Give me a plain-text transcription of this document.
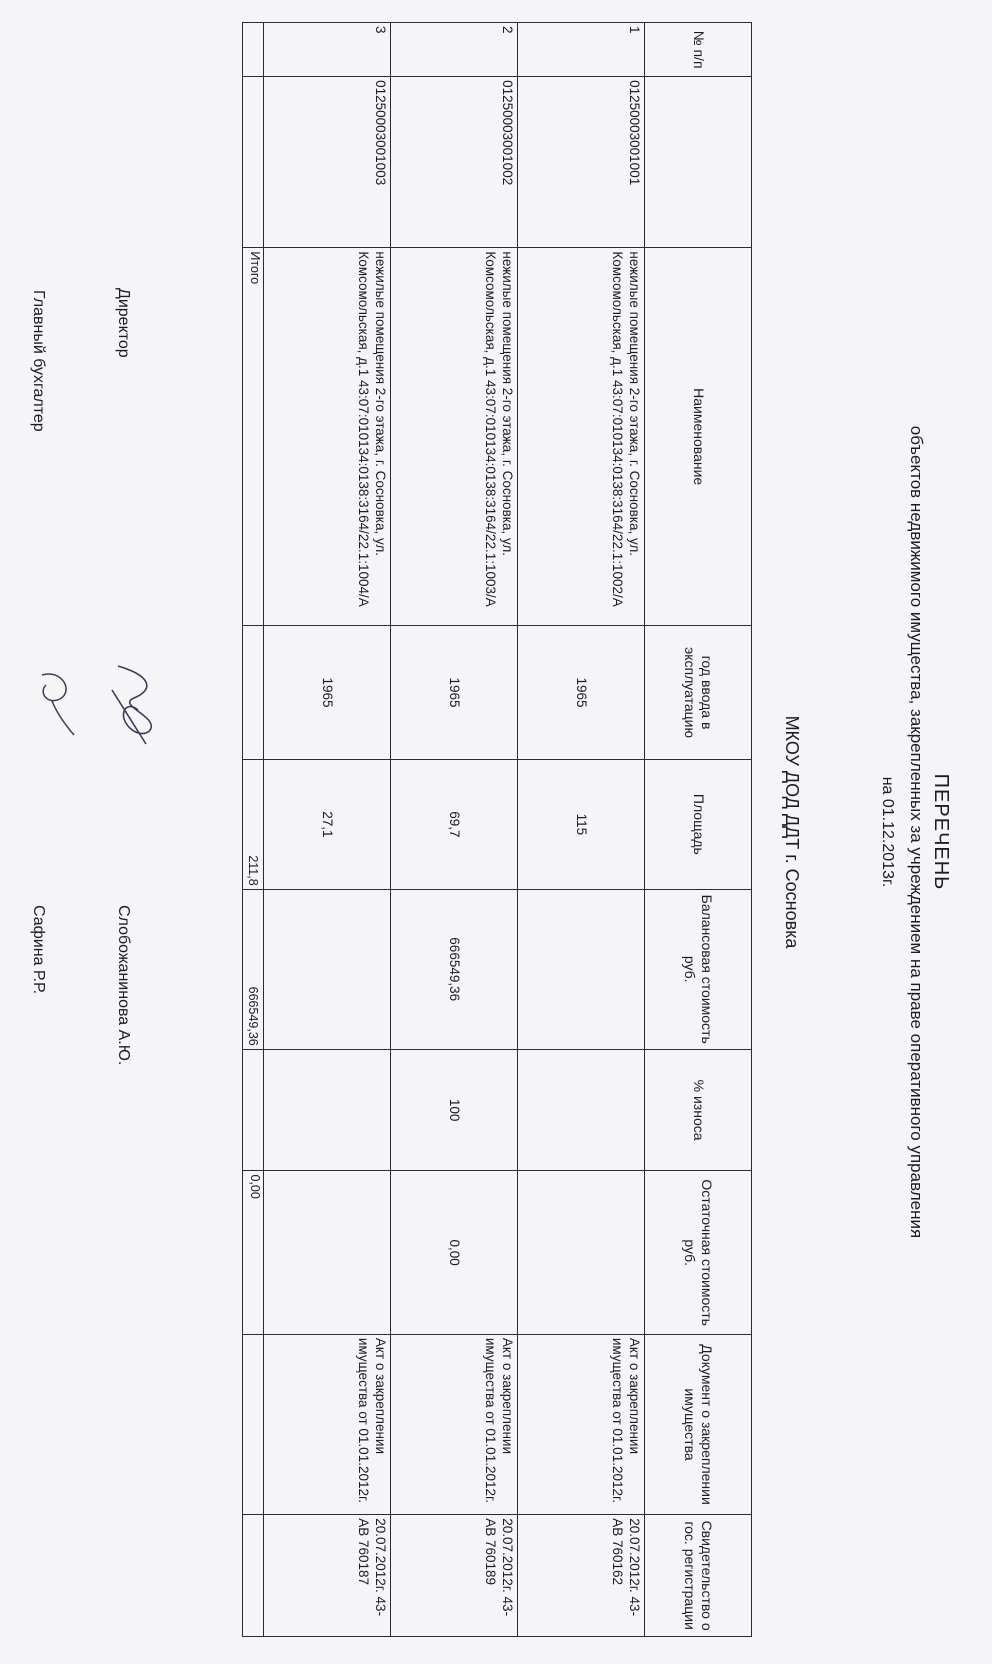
ПЕРЕЧЕНЬ
объектов недвижимого имущества, закрепленных за учреждением на праве оперативного управления
на 01.12.2013г.
МКОУ ДОД ДДТ г. Сосновка
№ п/п		Наименование	год ввода в эксплуатацию	Площадь	Балансовая стоимость руб.	% износа	Остаточная стоимость руб.	Документ о закреплении имущества	Свидетельство о гос. регистрации
1	01250003001001	нежилые помещения 2-го этажа, г. Сосновка, ул. Комсомольская, д.1 43:07:010134:0138:3164/22.1:1002/А	1965	115				Акт о закреплении имущества от 01.01.2012г.	20.07.2012г. 43-АВ 760162
2	01250003001002	нежилые помещения 2-го этажа, г. Сосновка, ул. Комсомольская, д.1 43:07:010134:0138:3164/22.1:1003/А	1965	69,7	666549,36	100	0,00	Акт о закреплении имущества от 01.01.2012г.	20.07.2012г. 43-АВ 760189
3	01250003001003	нежилые помещения 2-го этажа, г. Сосновка, ул. Комсомольская, д.1 43:07:010134:0138:3164/22.1:1004/А	1965	27,1				Акт о закреплении имущества от 01.01.2012г.	20.07.2012г. 43-АВ 760187
		Итого		211,8	666549,36		0,00		
Директор
Слобожанинова А.Ю.
Главный бухгалтер
Сафина Р.Р.
